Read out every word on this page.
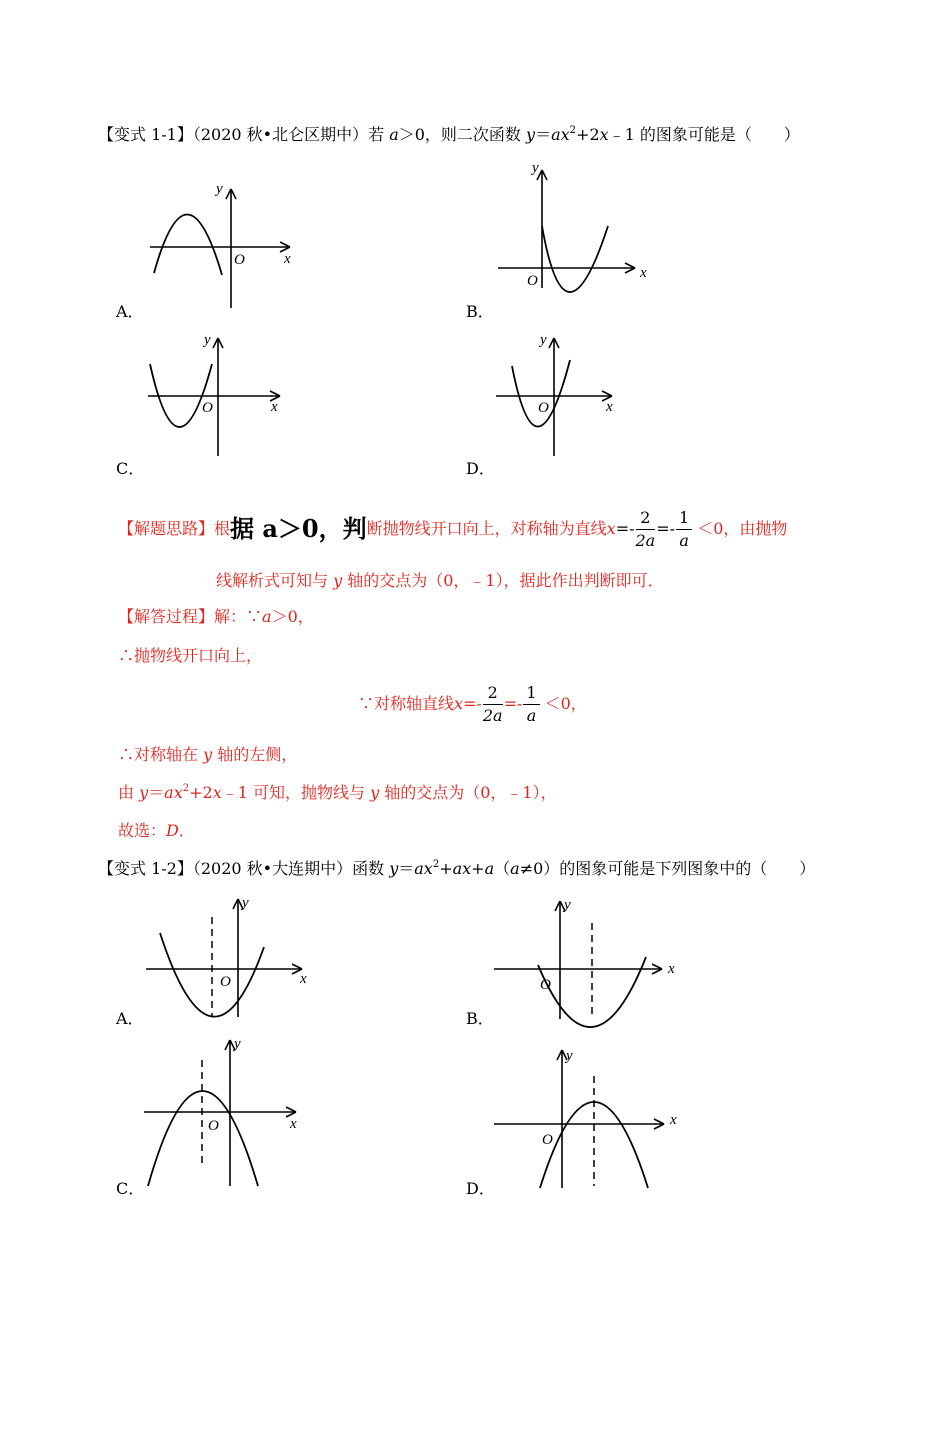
【变式 1-1】（2020 秋•北仑区期中）若 a＞0，则二次函数 $y=ax^2+2x﹣1$ 的图象可能是（　　）
x
y
O
A．
x
y
O
B．
x
y
O
C．
x
y
O
D．
【解题思路】 根 据 a＞0，判 断抛物线开口向上，对称轴为直线 $x =- \frac{2}{2a} =- \frac{1}{a} <0$，由抛物
线解析式可知与 y 轴的交点为（0，﹣1），据此作出判断即可．
【解答过程】解：∵a＞0，
∴抛物线开口向上，
∵对称轴直线 $x =- \frac{2}{2a} =- \frac{1}{a} <0$，
∴对称轴在 y 轴的左侧，
由 $y=ax^2+2x﹣1$ 可知，抛物线与 y 轴的交点为（0，﹣1），
故选：D．
【变式 1-2】（2020 秋•大连期中）函数 $y=ax^2+ax+a(a\ne 0)$的图象可能是下列图象中的（　　）
x
y
O
A．
x
y
O
B．
x
y
O
C．
x
y
O
D．
